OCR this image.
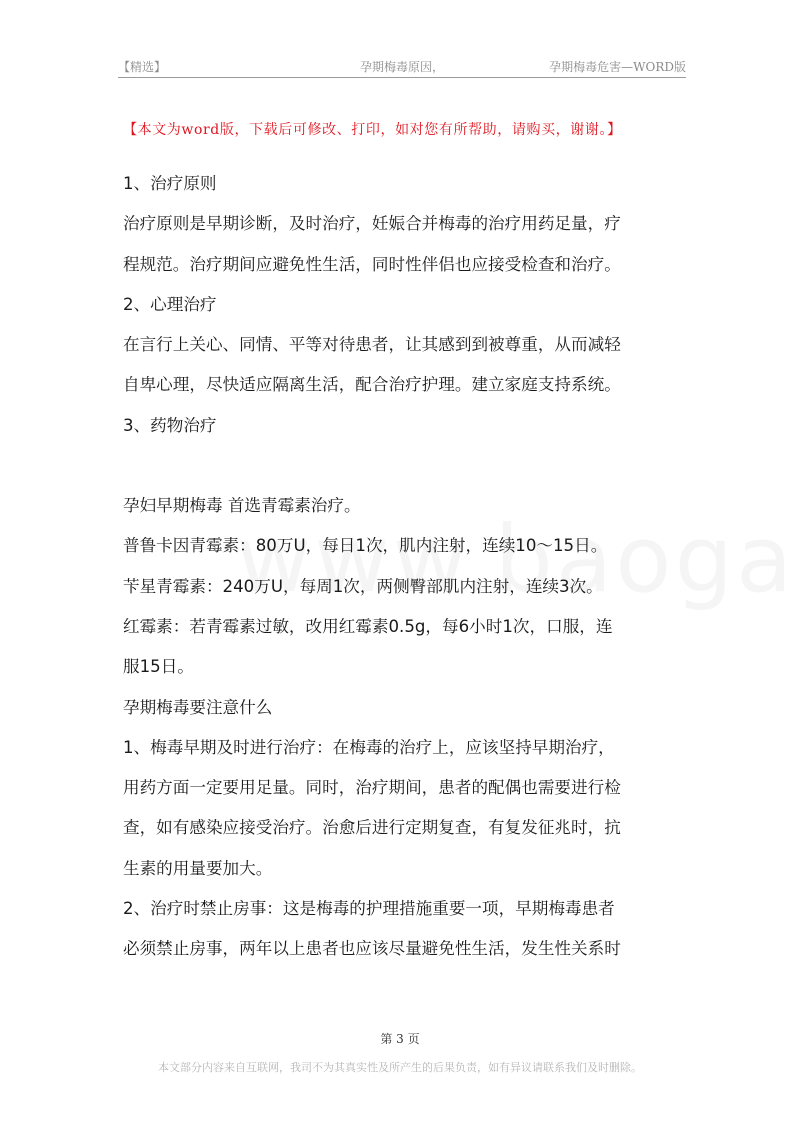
【精选】	孕期梅毒原因，	孕期梅毒危害—WORD版
【本文为word版，下载后可修改、打印，如对您有所帮助，请购买，谢谢。】

1、治疗原则

治疗原则是早期诊断，及时治疗，妊娠合并梅毒的治疗用药足量，疗

程规范。治疗期间应避免性生活，同时性伴侣也应接受检查和治疗。

2、心理治疗

在言行上关心、同情、平等对待患者，让其感到到被尊重，从而减轻

自卑心理，尽快适应隔离生活，配合治疗护理。建立家庭支持系统。

3、药物治疗

孕妇早期梅毒 首选青霉素治疗。

普鲁卡因青霉素：80万U，每日1次，肌内注射，连续10～15日。

苄星青霉素：240万U，每周1次，两侧臀部肌内注射，连续3次。

红霉素：若青霉素过敏，改用红霉素0.5g，每6小时1次，口服，连

服15日。

孕期梅毒要注意什么

1、梅毒早期及时进行治疗：在梅毒的治疗上，应该坚持早期治疗，

用药方面一定要用足量。同时，治疗期间，患者的配偶也需要进行检

查，如有感染应接受治疗。治愈后进行定期复查，有复发征兆时，抗

生素的用量要加大。

2、治疗时禁止房事：这是梅毒的护理措施重要一项，早期梅毒患者

必须禁止房事，两年以上患者也应该尽量避免性生活，发生性关系时

第 3 页
本文部分内容来自互联网，我司不为其真实性及所产生的后果负责，如有异议请联系我们及时删除。
